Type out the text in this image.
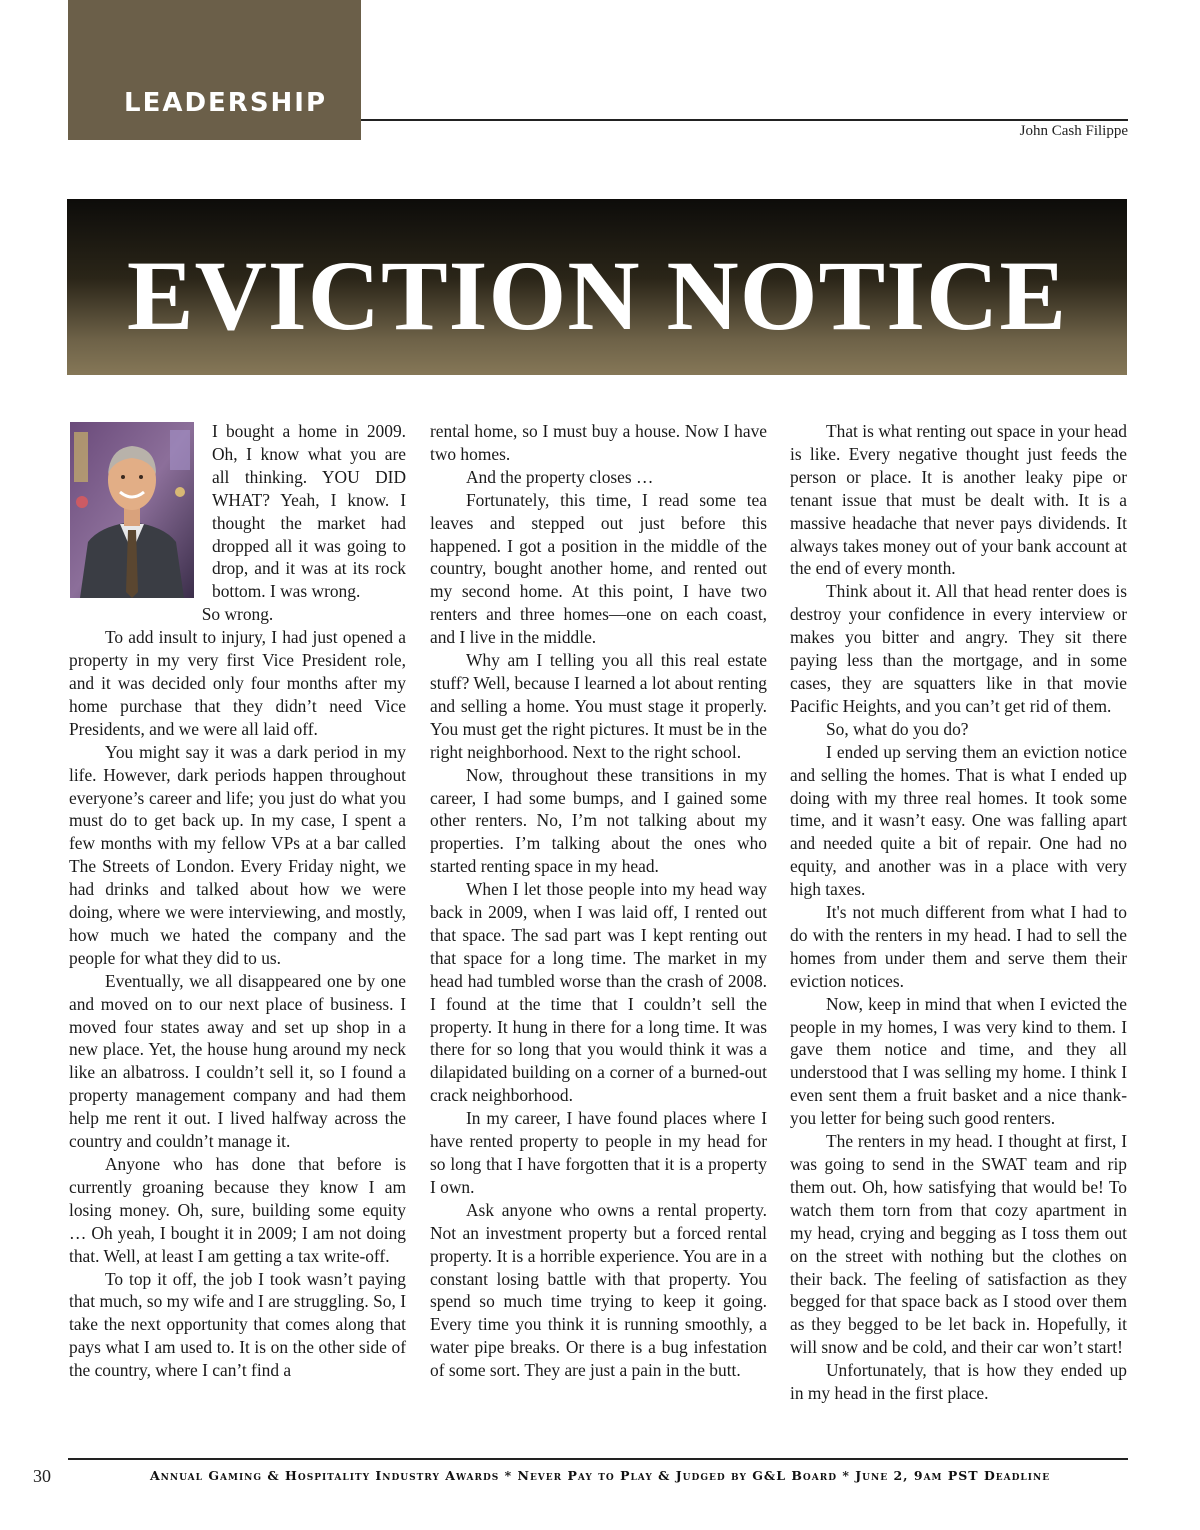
LEADERSHIP
John Cash Filippe
EVICTION NOTICE

I bought a home in 2009. Oh, I know what you are all thinking. YOU DID WHAT? Yeah, I know. I thought the market had dropped all it was going to drop, and it was at its rock bottom. I was wrong.

So wrong.

To add insult to injury, I had just opened a property in my very first Vice President role, and it was decided only four months after my home purchase that they didn’t need Vice Presidents, and we were all laid off.

You might say it was a dark period in my life. However, dark periods happen throughout everyone’s career and life; you just do what you must do to get back up. In my case, I spent a few months with my fellow VPs at a bar called The Streets of London. Every Friday night, we had drinks and talked about how we were doing, where we were interviewing, and mostly, how much we hated the company and the people for what they did to us.

Eventually, we all disappeared one by one and moved on to our next place of business. I moved four states away and set up shop in a new place. Yet, the house hung around my neck like an albatross. I couldn’t sell it, so I found a property management company and had them help me rent it out. I lived halfway across the country and couldn’t manage it.

Anyone who has done that before is currently groaning because they know I am losing money. Oh, sure, building some equity … Oh yeah, I bought it in 2009; I am not doing that. Well, at least I am getting a tax write-off.

To top it off, the job I took wasn’t paying that much, so my wife and I are struggling. So, I take the next opportunity that comes along that pays what I am used to. It is on the other side of the country, where I can’t find a

rental home, so I must buy a house. Now I have two homes.

And the property closes …

Fortunately, this time, I read some tea leaves and stepped out just before this happened. I got a position in the middle of the country, bought another home, and rented out my second home. At this point, I have two renters and three homes—one on each coast, and I live in the middle.

Why am I telling you all this real estate stuff? Well, because I learned a lot about renting and selling a home. You must stage it properly. You must get the right pictures. It must be in the right neighborhood. Next to the right school.

Now, throughout these transitions in my career, I had some bumps, and I gained some other renters. No, I’m not talking about my properties. I’m talking about the ones who started renting space in my head.

When I let those people into my head way back in 2009, when I was laid off, I rented out that space. The sad part was I kept renting out that space for a long time. The market in my head had tumbled worse than the crash of 2008. I found at the time that I couldn’t sell the property. It hung in there for a long time. It was there for so long that you would think it was a dilapidated building on a corner of a burned-out crack neighborhood.

In my career, I have found places where I have rented property to people in my head for so long that I have forgotten that it is a property I own.

Ask anyone who owns a rental property. Not an investment property but a forced rental property. It is a horrible experience. You are in a constant losing battle with that property. You spend so much time trying to keep it going. Every time you think it is running smoothly, a water pipe breaks. Or there is a bug infestation of some sort. They are just a pain in the butt.

That is what renting out space in your head is like. Every negative thought just feeds the person or place. It is another leaky pipe or tenant issue that must be dealt with. It is a massive headache that never pays dividends. It always takes money out of your bank account at the end of every month.

Think about it. All that head renter does is destroy your confidence in every interview or makes you bitter and angry. They sit there paying less than the mortgage, and in some cases, they are squatters like in that movie Pacific Heights, and you can’t get rid of them.

So, what do you do?

I ended up serving them an eviction notice and selling the homes. That is what I ended up doing with my three real homes. It took some time, and it wasn’t easy. One was falling apart and needed quite a bit of repair. One had no equity, and another was in a place with very high taxes.

It's not much different from what I had to do with the renters in my head. I had to sell the homes from under them and serve them their eviction notices.

Now, keep in mind that when I evicted the people in my homes, I was very kind to them. I gave them notice and time, and they all understood that I was selling my home. I think I even sent them a fruit basket and a nice thank-you letter for being such good renters.

The renters in my head. I thought at first, I was going to send in the SWAT team and rip them out. Oh, how satisfying that would be! To watch them torn from that cozy apartment in my head, crying and begging as I toss them out on the street with nothing but the clothes on their back. The feeling of satisfaction as they begged for that space back as I stood over them as they begged to be let back in. Hopefully, it will snow and be cold, and their car won’t start!

Unfortunately, that is how they ended up in my head in the first place.

30	Annual Gaming & Hospitality Industry Awards * Never Pay to Play & Judged by G&L Board * June 2, 9am PST Deadline
